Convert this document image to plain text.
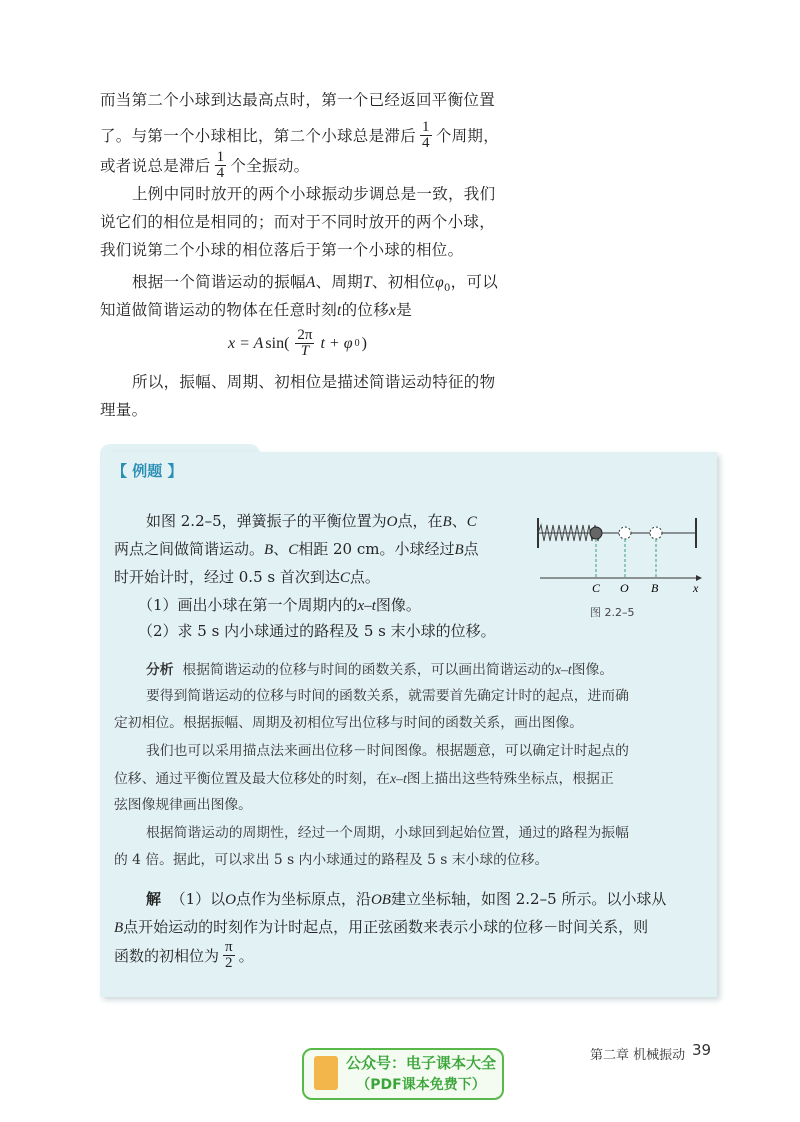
而当第二个小球到达最高点时，第一个已经返回平衡位置
了。与第一个小球相比，第二个小球总是滞后 $\frac{1}{4}$ 个周期，
或者说总是滞后 $\frac{1}{4}$ 个全振动。
上例中同时放开的两个小球振动步调总是一致，我们
说它们的相位是相同的；而对于不同时放开的两个小球，
我们说第二个小球的相位落后于第一个小球的相位。
根据一个简谐运动的振幅A、周期T、初相位$\varphi_0$，可以
知道做简谐运动的物体在任意时刻t的位移x是
x = A $\sin( \frac{2\pi}{T}$ t + φ 0 )
所以，振幅、周期、初相位是描述简谐运动特征的物
理量。
【 例题 】
如图 2.2–5，弹簧振子的平衡位置为O点，在B、C
两点之间做简谐运动。B、C相距 20 cm。小球经过B点
时开始计时，经过 0.5 s 首次到达C点。
（1）画出小球在第一个周期内的x–t图像。
（2）求 5 s 内小球通过的路程及 5 s 末小球的位移。
C O B	x
图 2.2–5
分析 根据简谐运动的位移与时间的函数关系，可以画出简谐运动的x–t图像。
要得到简谐运动的位移与时间的函数关系，就需要首先确定计时的起点，进而确
定初相位。根据振幅、周期及初相位写出位移与时间的函数关系，画出图像。
我们也可以采用描点法来画出位移－时间图像。根据题意，可以确定计时起点的
位移、通过平衡位置及最大位移处的时刻，在x–t图上描出这些特殊坐标点，根据正
弦图像规律画出图像。
根据简谐运动的周期性，经过一个周期，小球回到起始位置，通过的路程为振幅
的 4 倍。据此，可以求出 5 s 内小球通过的路程及 5 s 末小球的位移。
解 （1）以O点作为坐标原点，沿OB建立坐标轴，如图 2.2–5 所示。以小球从
B点开始运动的时刻作为计时起点，用正弦函数来表示小球的位移－时间关系，则
函数的初相位为 $\frac{\pi}{2}$ 。
第二章 机械振动 39
公众号：电子课本大全
（PDF课本免费下）
